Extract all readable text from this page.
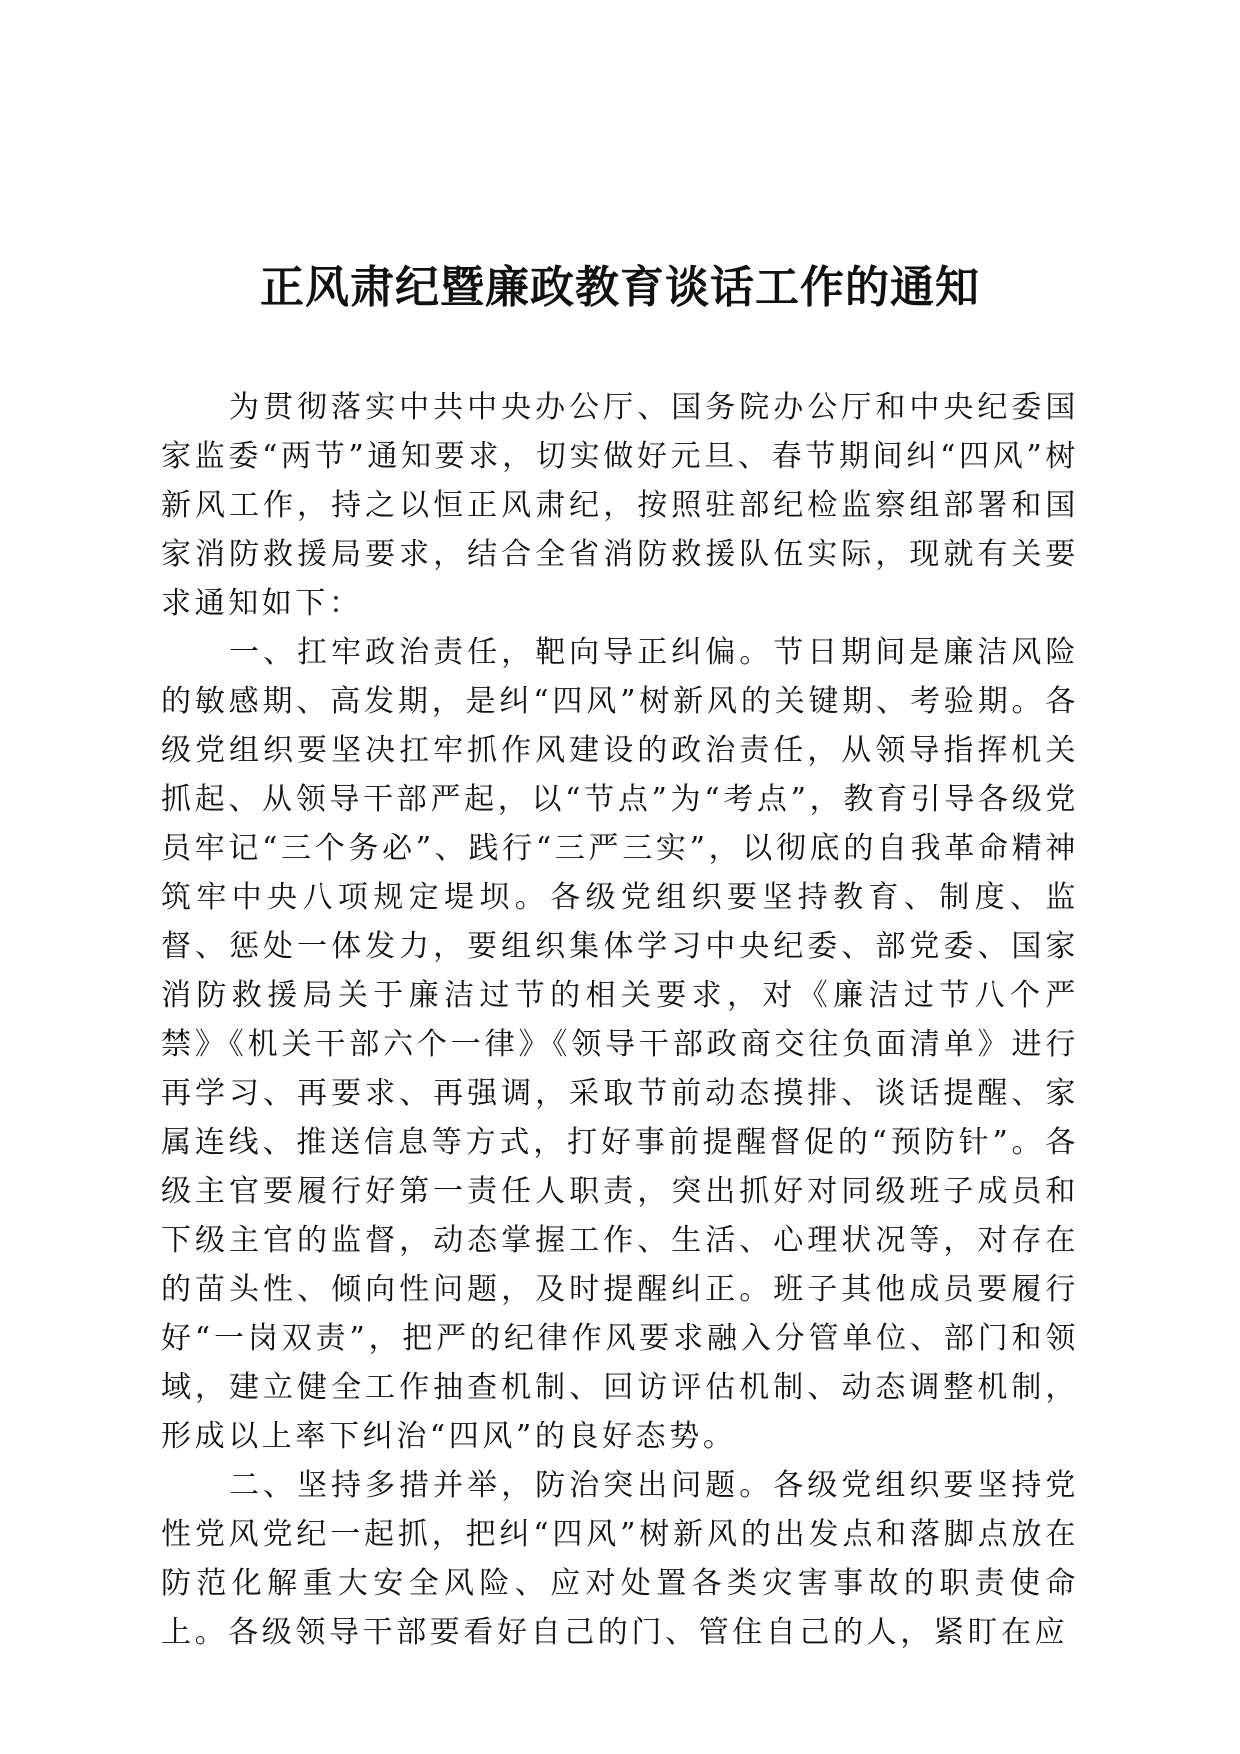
正风肃纪暨廉政教育谈话工作的通知

为贯彻落实中共中央办公厅、国务院办公厅和中央纪委国家监委“两节”通知要求，切实做好元旦、春节期间纠“四风”树新风工作，持之以恒正风肃纪，按照驻部纪检监察组部署和国家消防救援局要求，结合全省消防救援队伍实际，现就有关要求通知如下：

一、扛牢政治责任，靶向导正纠偏。节日期间是廉洁风险的敏感期、高发期，是纠“四风”树新风的关键期、考验期。各级党组织要坚决扛牢抓作风建设的政治责任，从领导指挥机关抓起、从领导干部严起，以“节点”为“考点”，教育引导各级党员牢记“三个务必”、践行“三严三实”，以彻底的自我革命精神筑牢中央八项规定堤坝。各级党组织要坚持教育、制度、监督、惩处一体发力，要组织集体学习中央纪委、部党委、国家消防救援局关于廉洁过节的相关要求，对《廉洁过节八个严禁》《机关干部六个一律》《领导干部政商交往负面清单》进行再学习、再要求、再强调，采取节前动态摸排、谈话提醒、家属连线、推送信息等方式，打好事前提醒督促的“预防针”。各级主官要履行好第一责任人职责，突出抓好对同级班子成员和下级主官的监督，动态掌握工作、生活、心理状况等，对存在的苗头性、倾向性问题，及时提醒纠正。班子其他成员要履行好“一岗双责”，把严的纪律作风要求融入分管单位、部门和领域，建立健全工作抽查机制、回访评估机制、动态调整机制，形成以上率下纠治“四风”的良好态势。

二、坚持多措并举，防治突出问题。各级党组织要坚持党性党风党纪一起抓，把纠“四风”树新风的出发点和落脚点放在防范化解重大安全风险、应对处置各类灾害事故的职责使命上。各级领导干部要看好自己的门、管住自己的人，紧盯在应
